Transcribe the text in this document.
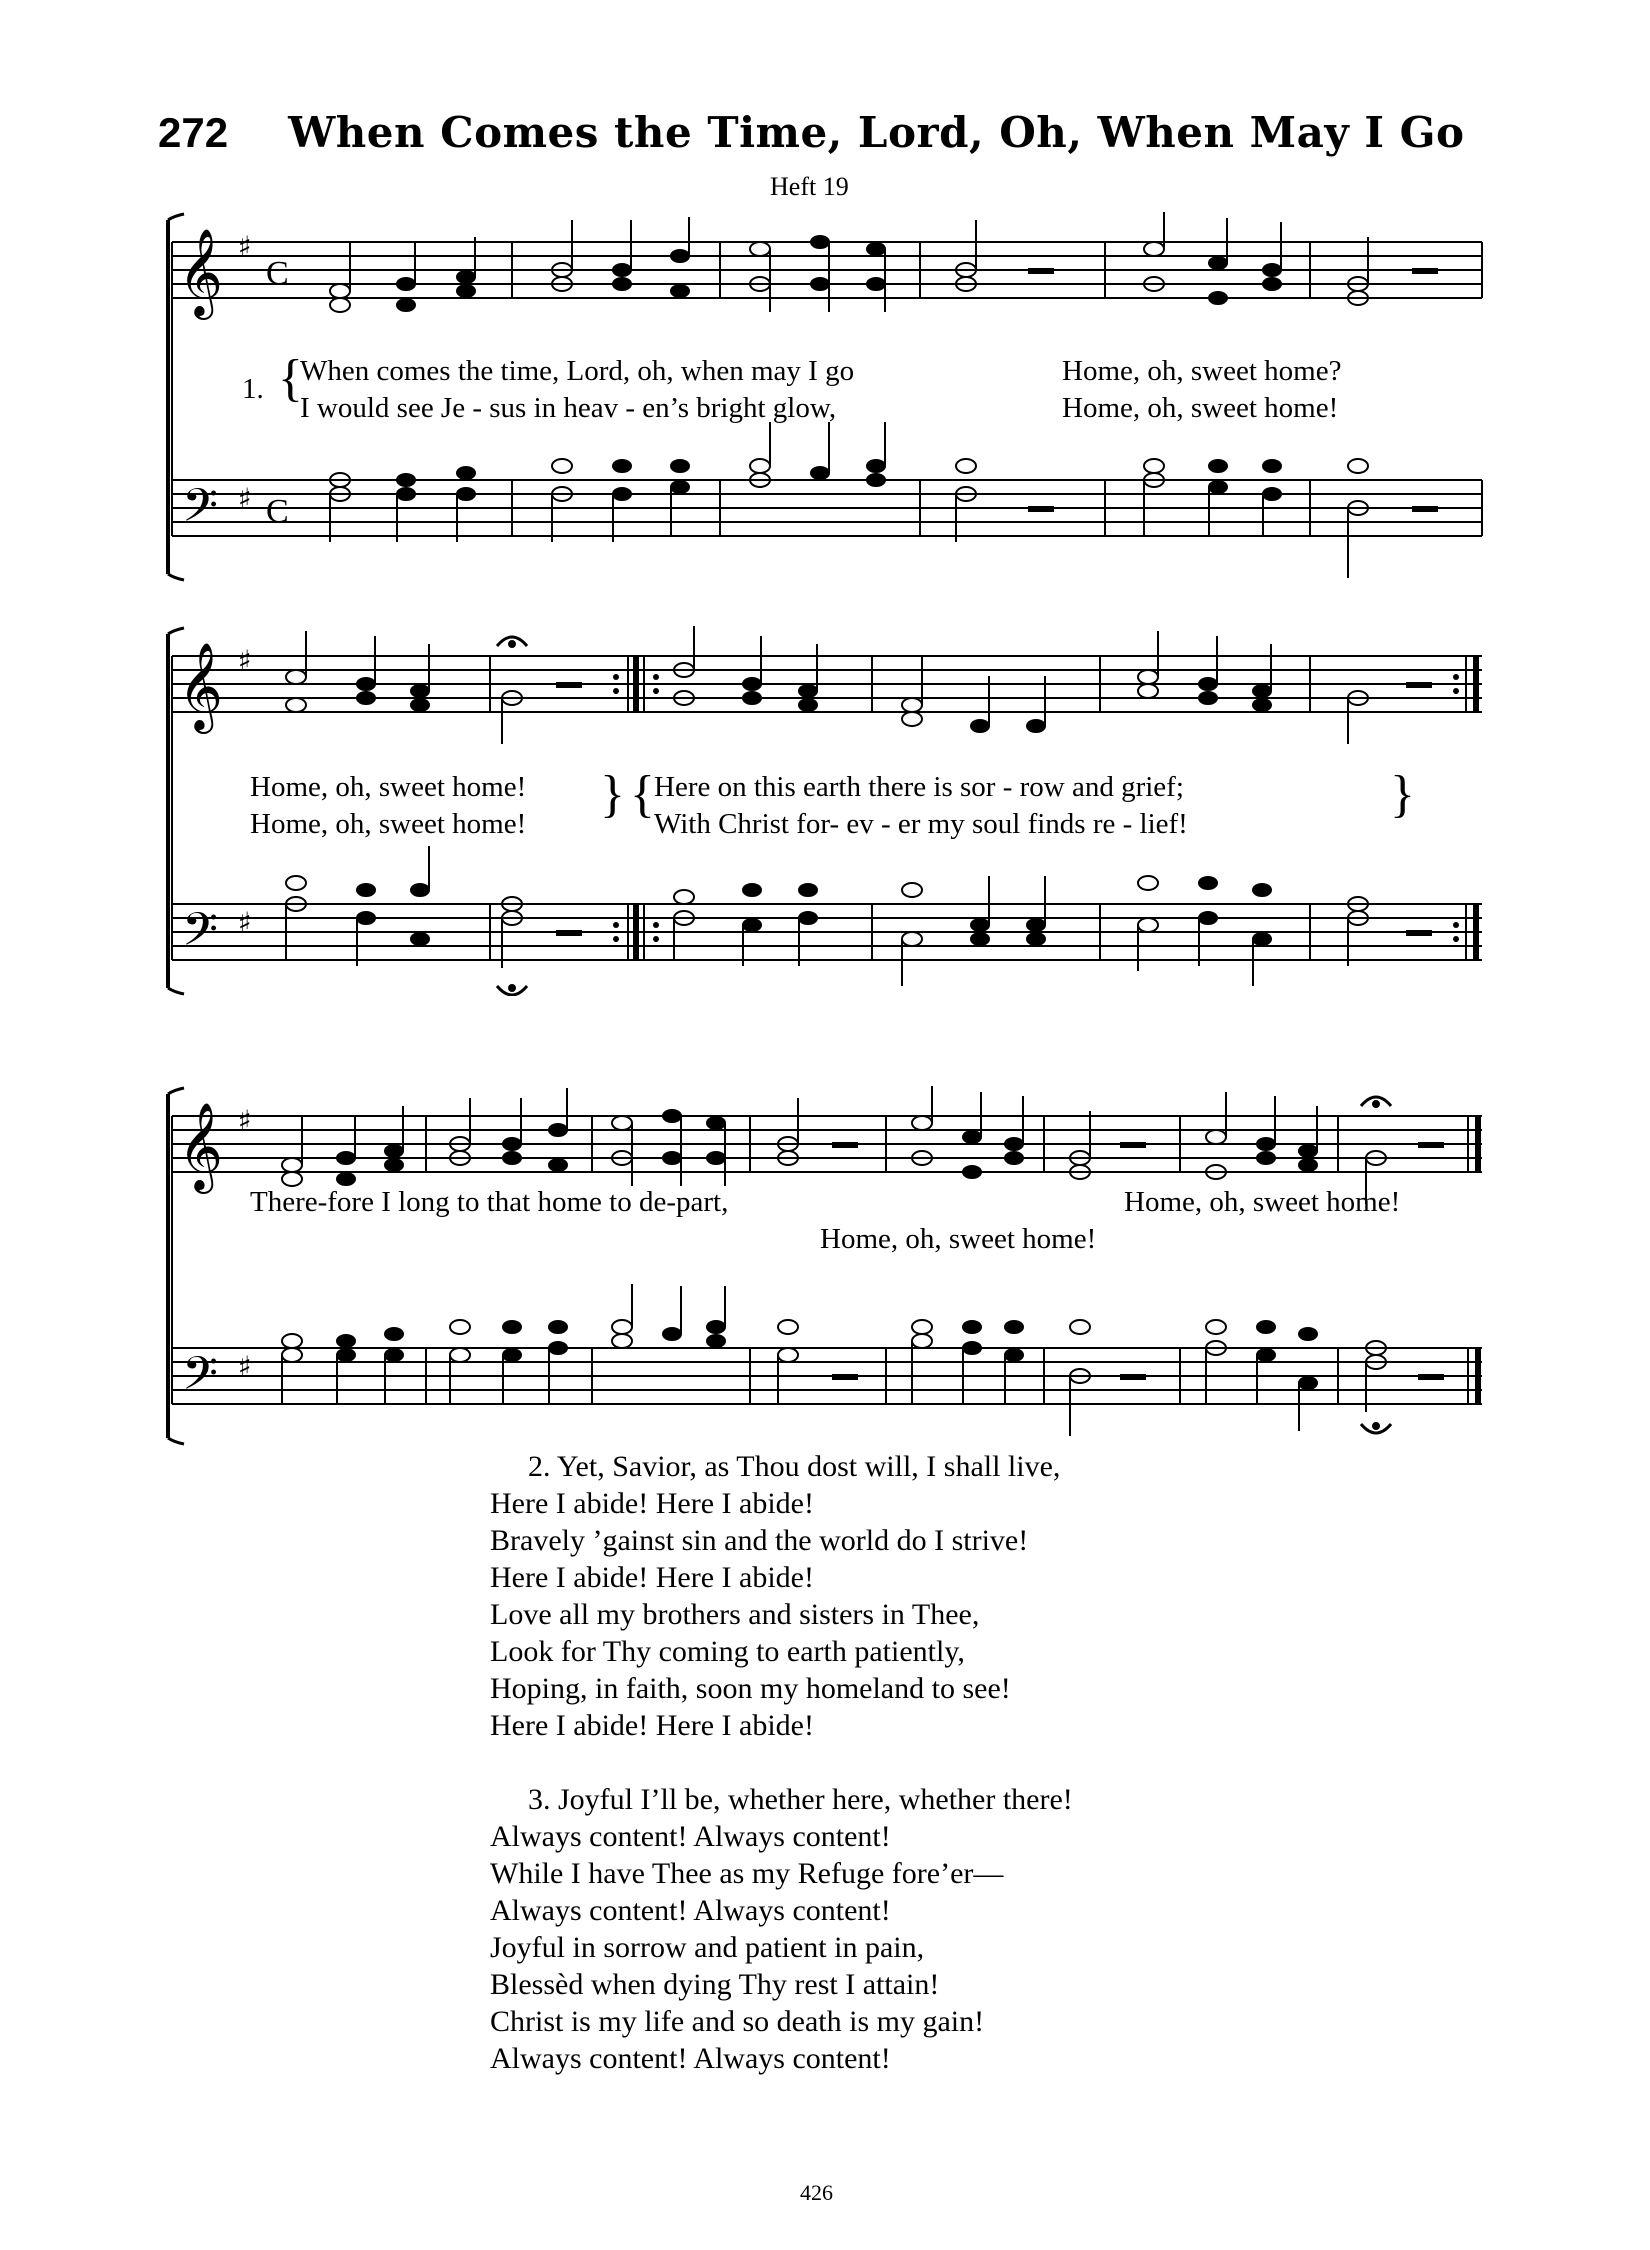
272 When Comes the Time, Lord, Oh, When May I Go
Heft 19
𝄞
𝄢
♯
♯
C
C
1. {
When comes the time, Lord, oh, when may I go	Home, oh, sweet home?
I would see Je - sus in heav - en’s bright glow,	Home, oh, sweet home!
𝄞
𝄢
♯
♯
Home, oh, sweet home!
Home, oh, sweet home!
} { Here on this earth there is sor - row and grief;
With Christ for- ev - er my soul finds re - lief!
}
𝄞
𝄢
♯
♯
There-fore I long to that home to de-part,	Home, oh, sweet home!
Home, oh, sweet home!

2. Yet, Savior, as Thou dost will, I shall live,

Here I abide! Here I abide!

Bravely ’gainst sin and the world do I strive!

Here I abide! Here I abide!

Love all my brothers and sisters in Thee,

Look for Thy coming to earth patiently,

Hoping, in faith, soon my homeland to see!

Here I abide! Here I abide!

3. Joyful I’ll be, whether here, whether there!

Always content! Always content!

While I have Thee as my Refuge fore’er—

Always content! Always content!

Joyful in sorrow and patient in pain,

Blessèd when dying Thy rest I attain!

Christ is my life and so death is my gain!

Always content! Always content!

426
